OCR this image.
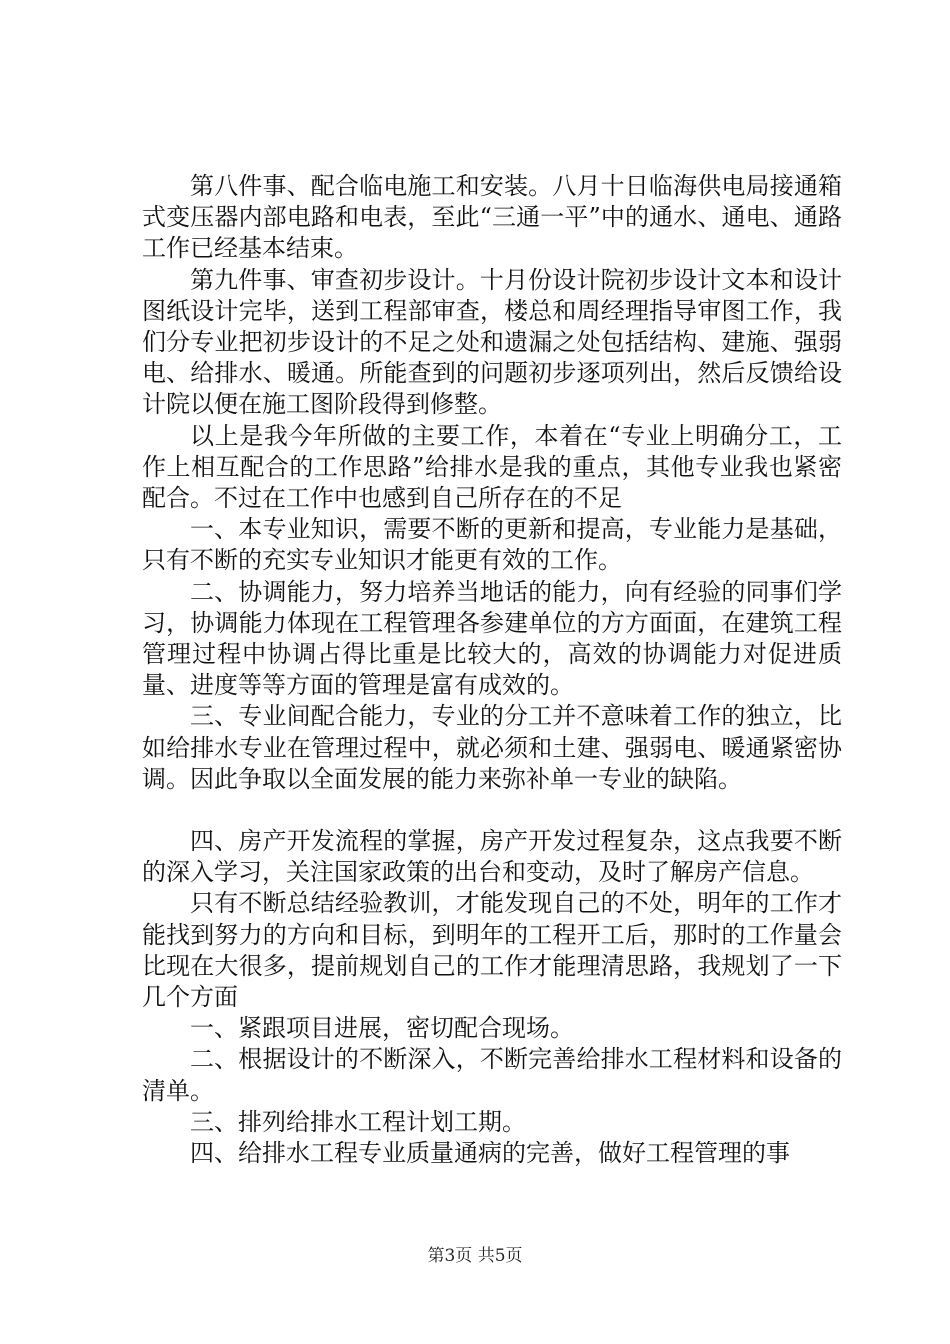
第八件事、配合临电施工和安装。八月十日临海供电局接通箱式变压器内部电路和电表，至此“三通一平”中的通水、通电、通路工作已经基本结束。

第九件事、审查初步设计。十月份设计院初步设计文本和设计图纸设计完毕，送到工程部审查，楼总和周经理指导审图工作，我们分专业把初步设计的不足之处和遗漏之处包括结构、建施、强弱电、给排水、暖通。所能查到的问题初步逐项列出，然后反馈给设计院以便在施工图阶段得到修整。

以上是我今年所做的主要工作，本着在“专业上明确分工，工作上相互配合的工作思路”给排水是我的重点，其他专业我也紧密配合。不过在工作中也感到自己所存在的不足

一、本专业知识，需要不断的更新和提高，专业能力是基础，只有不断的充实专业知识才能更有效的工作。

二、协调能力，努力培养当地话的能力，向有经验的同事们学习，协调能力体现在工程管理各参建单位的方方面面，在建筑工程管理过程中协调占得比重是比较大的，高效的协调能力对促进质量、进度等等方面的管理是富有成效的。

三、专业间配合能力，专业的分工并不意味着工作的独立，比如给排水专业在管理过程中，就必须和土建、强弱电、暖通紧密协调。因此争取以全面发展的能力来弥补单一专业的缺陷。

四、房产开发流程的掌握，房产开发过程复杂，这点我要不断的深入学习，关注国家政策的出台和变动，及时了解房产信息。

只有不断总结经验教训，才能发现自己的不处，明年的工作才能找到努力的方向和目标，到明年的工程开工后，那时的工作量会比现在大很多，提前规划自己的工作才能理清思路，我规划了一下几个方面

一、紧跟项目进展，密切配合现场。

二、根据设计的不断深入，不断完善给排水工程材料和设备的清单。

三、排列给排水工程计划工期。

四、给排水工程专业质量通病的完善，做好工程管理的事

第3页 共5页
